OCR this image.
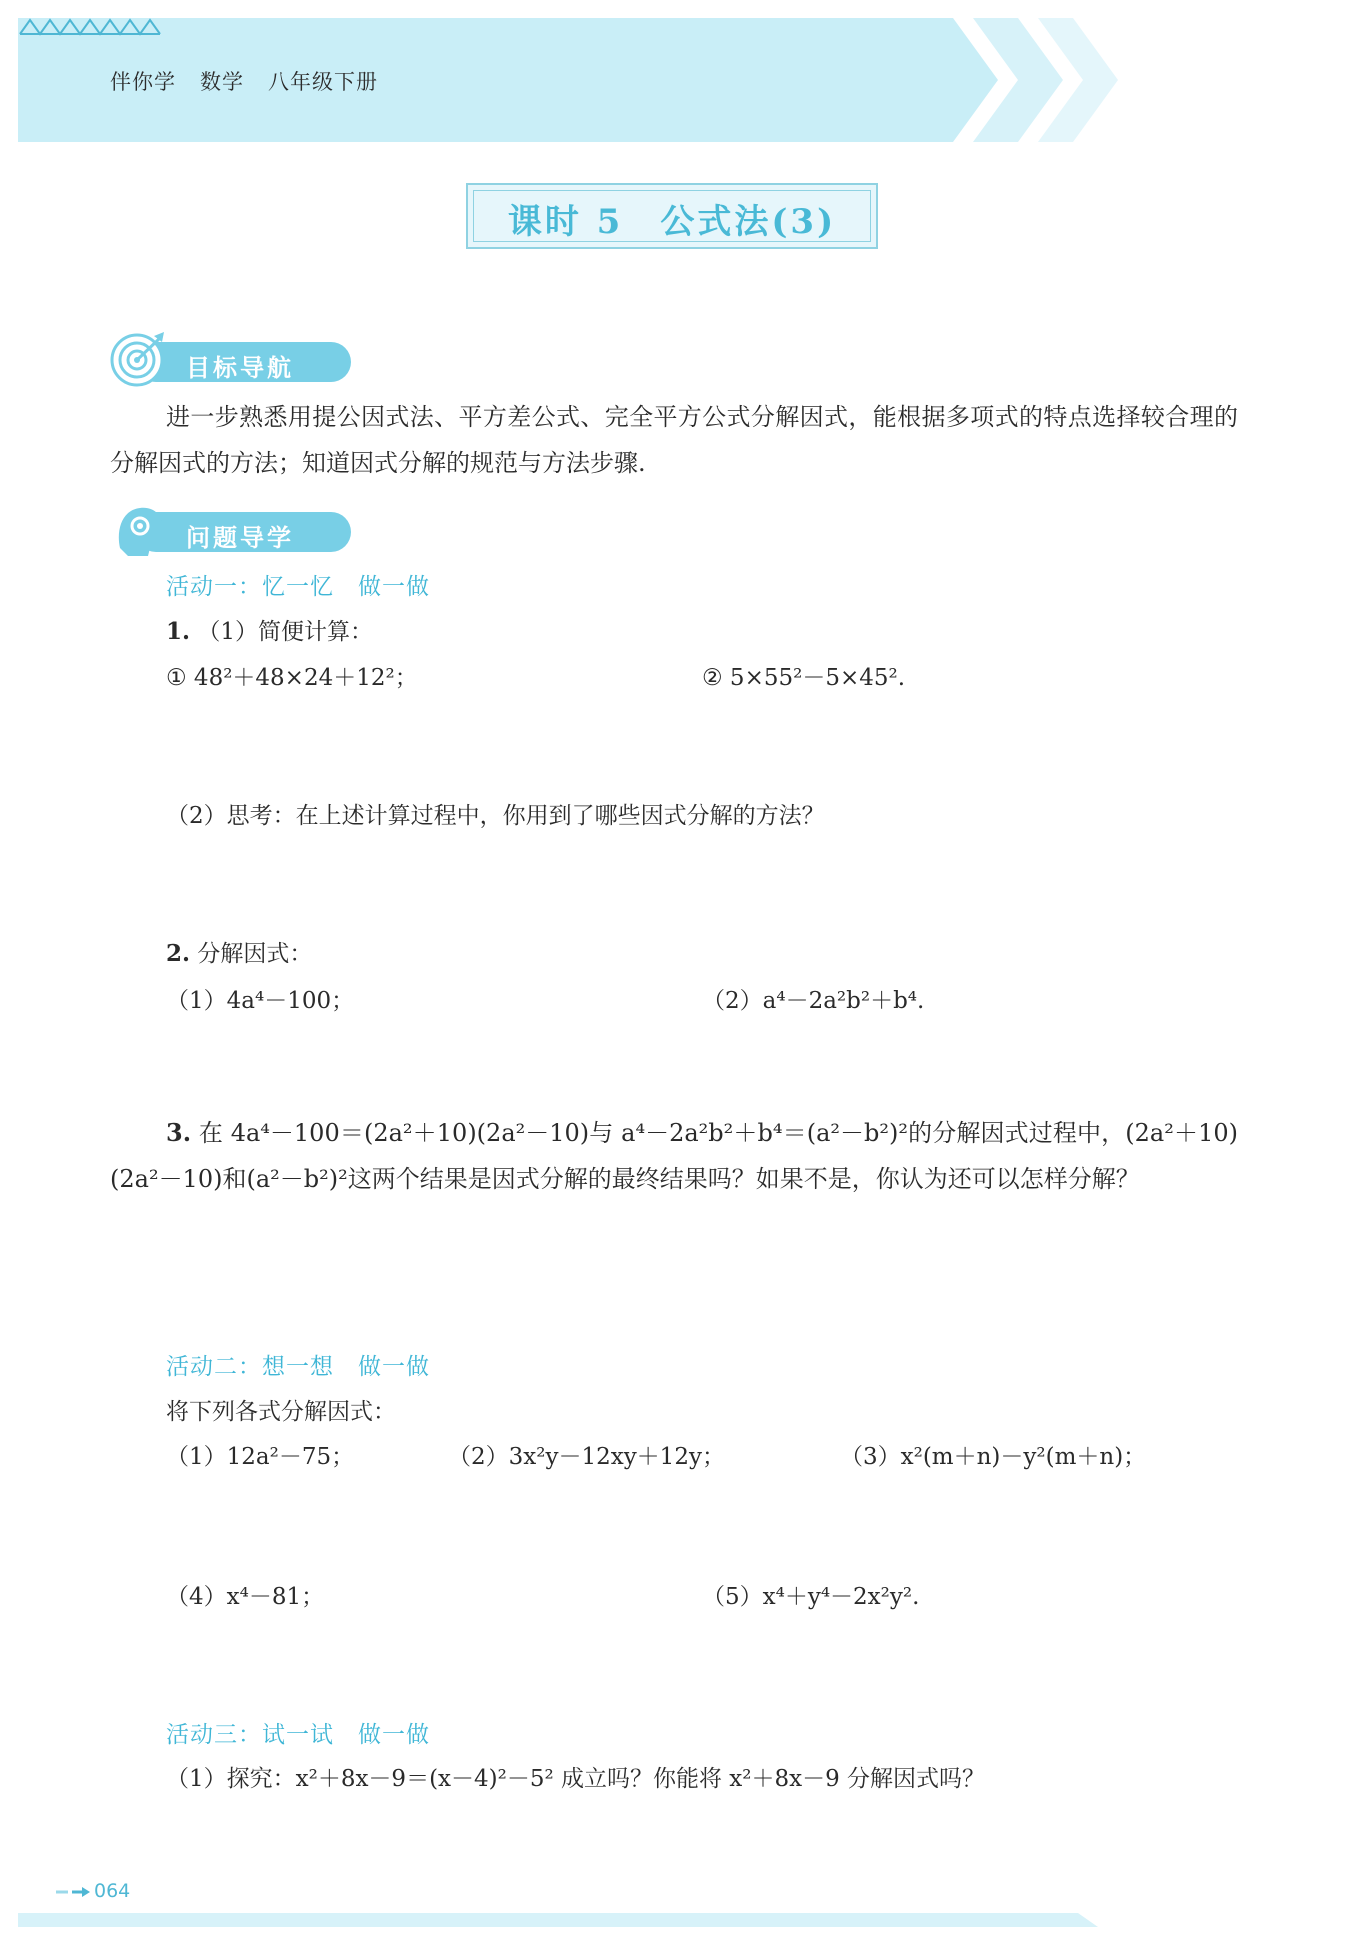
伴你学 数学 八年级下册
课时 5　公式法(3)
目标导航
进一步熟悉用提公因式法、平方差公式、完全平方公式分解因式，能根据多项式的特点选择较合理的分解因式的方法；知道因式分解的规范与方法步骤.
问题导学
活动一：忆一忆　做一做
1. （1）简便计算：
① 48²＋48×24＋12²；	② 5×55²－5×45².
（2）思考：在上述计算过程中，你用到了哪些因式分解的方法？
2. 分解因式：
（1）4a⁴－100；	（2）a⁴－2a²b²＋b⁴.
3. 在 4a⁴－100＝(2a²＋10)(2a²－10)与 a⁴－2a²b²＋b⁴＝(a²－b²)²的分解因式过程中，(2a²＋10)(2a²－10)和(a²－b²)²这两个结果是因式分解的最终结果吗？如果不是，你认为还可以怎样分解？
活动二：想一想　做一做
将下列各式分解因式：
（1）12a²－75；	（2）3x²y－12xy＋12y；	（3）x²(m＋n)－y²(m＋n)；
（4）x⁴－81；	（5）x⁴＋y⁴－2x²y².
活动三：试一试　做一做
（1）探究：x²＋8x－9＝(x－4)²－5² 成立吗？你能将 x²＋8x－9 分解因式吗？
064
